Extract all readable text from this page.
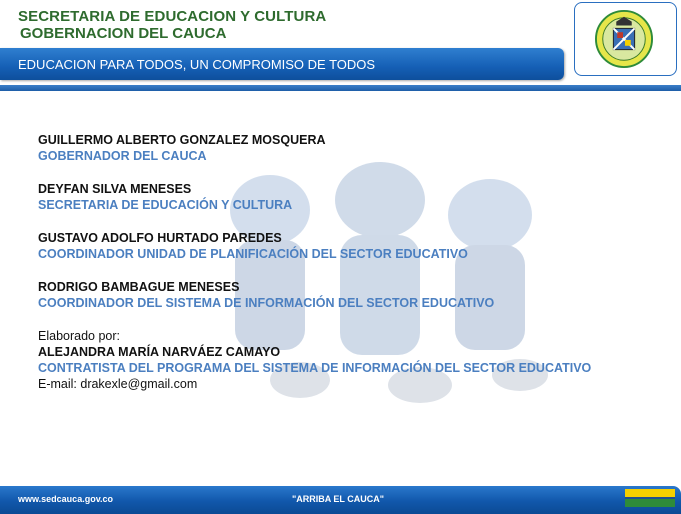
SECRETARIA DE EDUCACION Y CULTURA
GOBERNACION DEL CAUCA
EDUCACION PARA TODOS, UN COMPROMISO DE TODOS
GUILLERMO ALBERTO GONZALEZ MOSQUERA
GOBERNADOR DEL CAUCA
DEYFAN SILVA MENESES
SECRETARIA DE EDUCACIÓN Y CULTURA
GUSTAVO ADOLFO HURTADO PAREDES
COORDINADOR UNIDAD DE PLANIFICACIÓN DEL SECTOR EDUCATIVO
RODRIGO BAMBAGUE MENESES
COORDINADOR DEL SISTEMA DE INFORMACIÓN DEL SECTOR EDUCATIVO
Elaborado por:
ALEJANDRA MARÍA NARVÁEZ CAMAYO
CONTRATISTA DEL PROGRAMA DEL SISTEMA DE INFORMACIÓN DEL SECTOR EDUCATIVO
E-mail: drakexle@gmail.com
www.sedcauca.gov.co	"ARRIBA EL CAUCA"
